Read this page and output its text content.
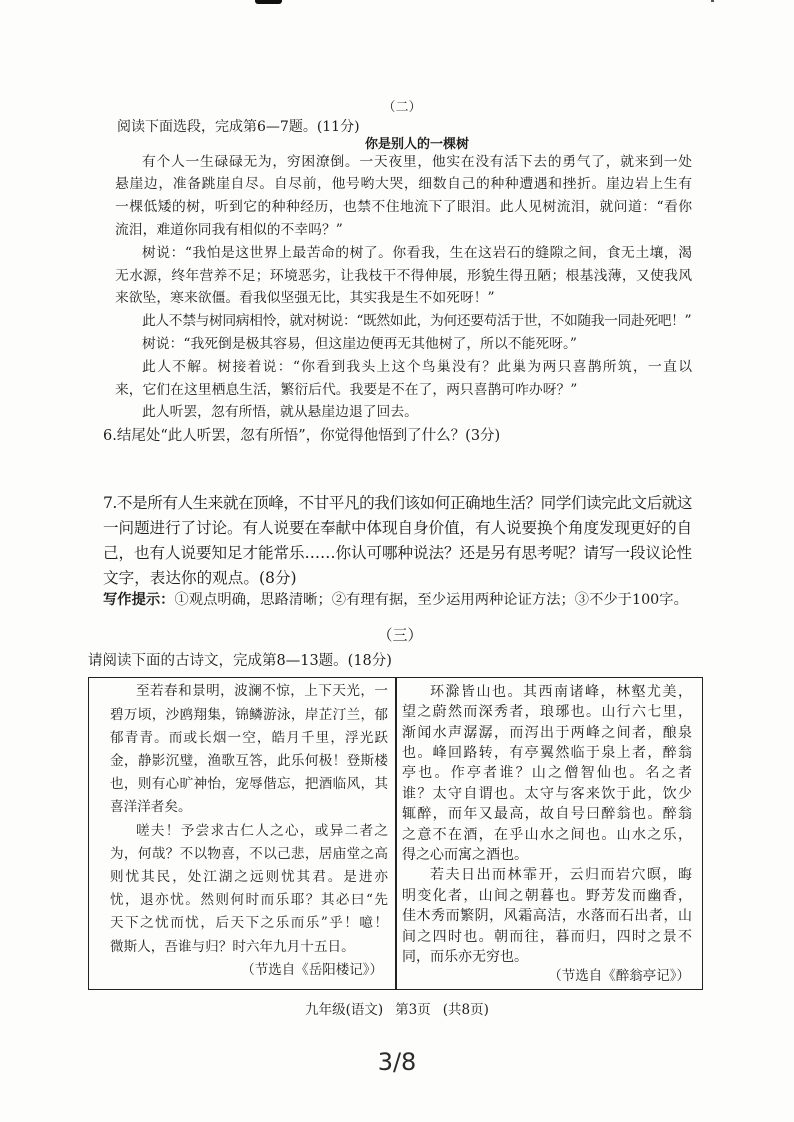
（二）
阅读下面选段，完成第6—7题。(11分)
你是别人的一棵树
有个人一生碌碌无为，穷困潦倒。一天夜里，他实在没有活下去的勇气了，就来到一处
悬崖边，准备跳崖自尽。自尽前，他号哟大哭，细数自己的种种遭遇和挫折。崖边岩上生有
一棵低矮的树，听到它的种种经历，也禁不住地流下了眼泪。此人见树流泪，就问道：“看你
流泪，难道你同我有相似的不幸吗？”
树说：“我怕是这世界上最苦命的树了。你看我，生在这岩石的缝隙之间，食无土壤，渴
无水源，终年营养不足；环境恶劣，让我枝干不得伸展，形貌生得丑陋；根基浅薄，又使我风
来欲坠，寒来欲僵。看我似坚强无比，其实我是生不如死呀！”
此人不禁与树同病相怜，就对树说：“既然如此，为何还要苟活于世，不如随我一同赴死吧！”
树说：“我死倒是极其容易，但这崖边便再无其他树了，所以不能死呀。”
此人不解。树接着说：“你看到我头上这个鸟巢没有？此巢为两只喜鹊所筑，一直以
来，它们在这里栖息生活，繁衍后代。我要是不在了，两只喜鹊可咋办呀？”
此人听罢，忽有所悟，就从悬崖边退了回去。
6.结尾处“此人听罢，忽有所悟”，你觉得他悟到了什么？(3分)
7.不是所有人生来就在顶峰，不甘平凡的我们该如何正确地生活？同学们读完此文后就这
一问题进行了讨论。有人说要在奉献中体现自身价值，有人说要换个角度发现更好的自
己，也有人说要知足才能常乐……你认可哪种说法？还是另有思考呢？请写一段议论性
文字，表达你的观点。(8分)
写作提示：①观点明确，思路清晰；②有理有据，至少运用两种论证方法；③不少于100字。
（三）
请阅读下面的古诗文，完成第8—13题。(18分)
至若春和景明，波澜不惊，上下天光，一
碧万顷，沙鸥翔集，锦鳞游泳，岸芷汀兰，郁
郁青青。而或长烟一空，皓月千里，浮光跃
金，静影沉璧，渔歌互答，此乐何极！登斯楼
也，则有心旷神怡，宠辱偕忘，把酒临风，其
喜洋洋者矣。
嗟夫！予尝求古仁人之心，或异二者之
为，何哉？不以物喜，不以己悲，居庙堂之高
则忧其民，处江湖之远则忧其君。是进亦
忧，退亦忧。然则何时而乐耶？其必曰“先
天下之忧而忧，后天下之乐而乐”乎！噫！
微斯人，吾谁与归？时六年九月十五日。
（节选自《岳阳楼记》）
环滁皆山也。其西南诸峰，林壑尤美，
望之蔚然而深秀者，琅琊也。山行六七里，
渐闻水声潺潺，而泻出于两峰之间者，酿泉
也。峰回路转，有亭翼然临于泉上者，醉翁
亭也。作亭者谁？山之僧智仙也。名之者
谁？太守自谓也。太守与客来饮于此，饮少
辄醉，而年又最高，故自号曰醉翁也。醉翁
之意不在酒，在乎山水之间也。山水之乐，
得之心而寓之酒也。
若夫日出而林霏开，云归而岩穴暝，晦
明变化者，山间之朝暮也。野芳发而幽香，
佳木秀而繁阴，风霜高洁，水落而石出者，山
间之四时也。朝而往，暮而归，四时之景不
同，而乐亦无穷也。
（节选自《醉翁亭记》）
九年级(语文) 第3页 (共8页)
3/8
